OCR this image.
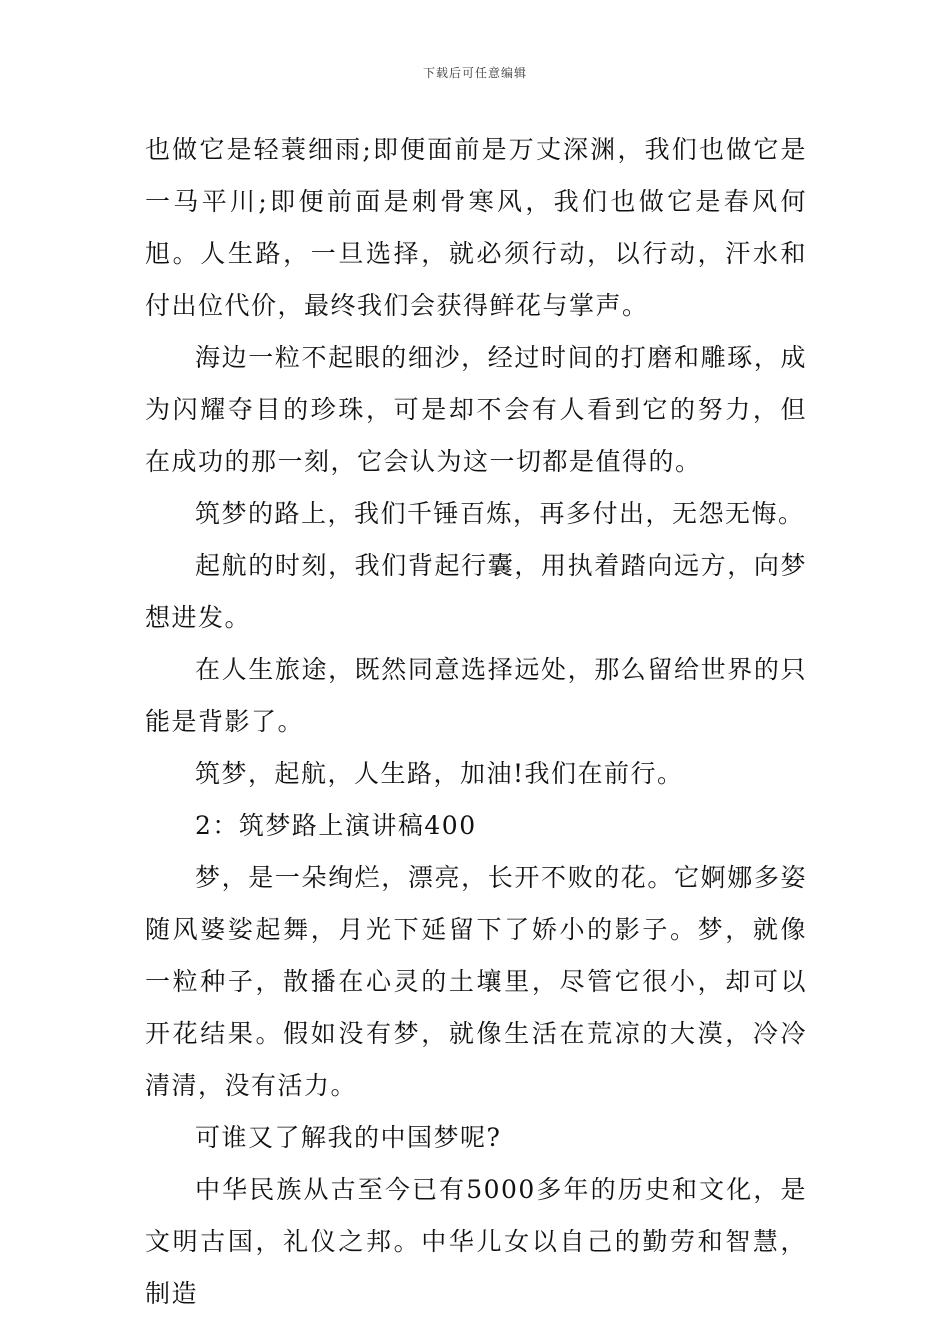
下载后可任意编辑

也做它是轻蓑细雨;即便面前是万丈深渊，我们也做它是一马平川;即便前面是刺骨寒风，我们也做它是春风何旭。人生路，一旦选择，就必须行动，以行动，汗水和付出位代价，最终我们会获得鲜花与掌声。

海边一粒不起眼的细沙，经过时间的打磨和雕琢，成为闪耀夺目的珍珠，可是却不会有人看到它的努力，但在成功的那一刻，它会认为这一切都是值得的。

筑梦的路上，我们千锤百炼，再多付出，无怨无悔。

起航的时刻，我们背起行囊，用执着踏向远方，向梦想进发。

在人生旅途，既然同意选择远处，那么留给世界的只能是背影了。

筑梦，起航，人生路，加油!我们在前行。

2：筑梦路上演讲稿400

梦，是一朵绚烂，漂亮，长开不败的花。它婀娜多姿随风婆娑起舞，月光下延留下了娇小的影子。梦，就像一粒种子，散播在心灵的土壤里，尽管它很小，却可以开花结果。假如没有梦，就像生活在荒凉的大漠，冷冷清清，没有活力。

可谁又了解我的中国梦呢?

中华民族从古至今已有5000多年的历史和文化，是文明古国，礼仪之邦。中华儿女以自己的勤劳和智慧，制造
